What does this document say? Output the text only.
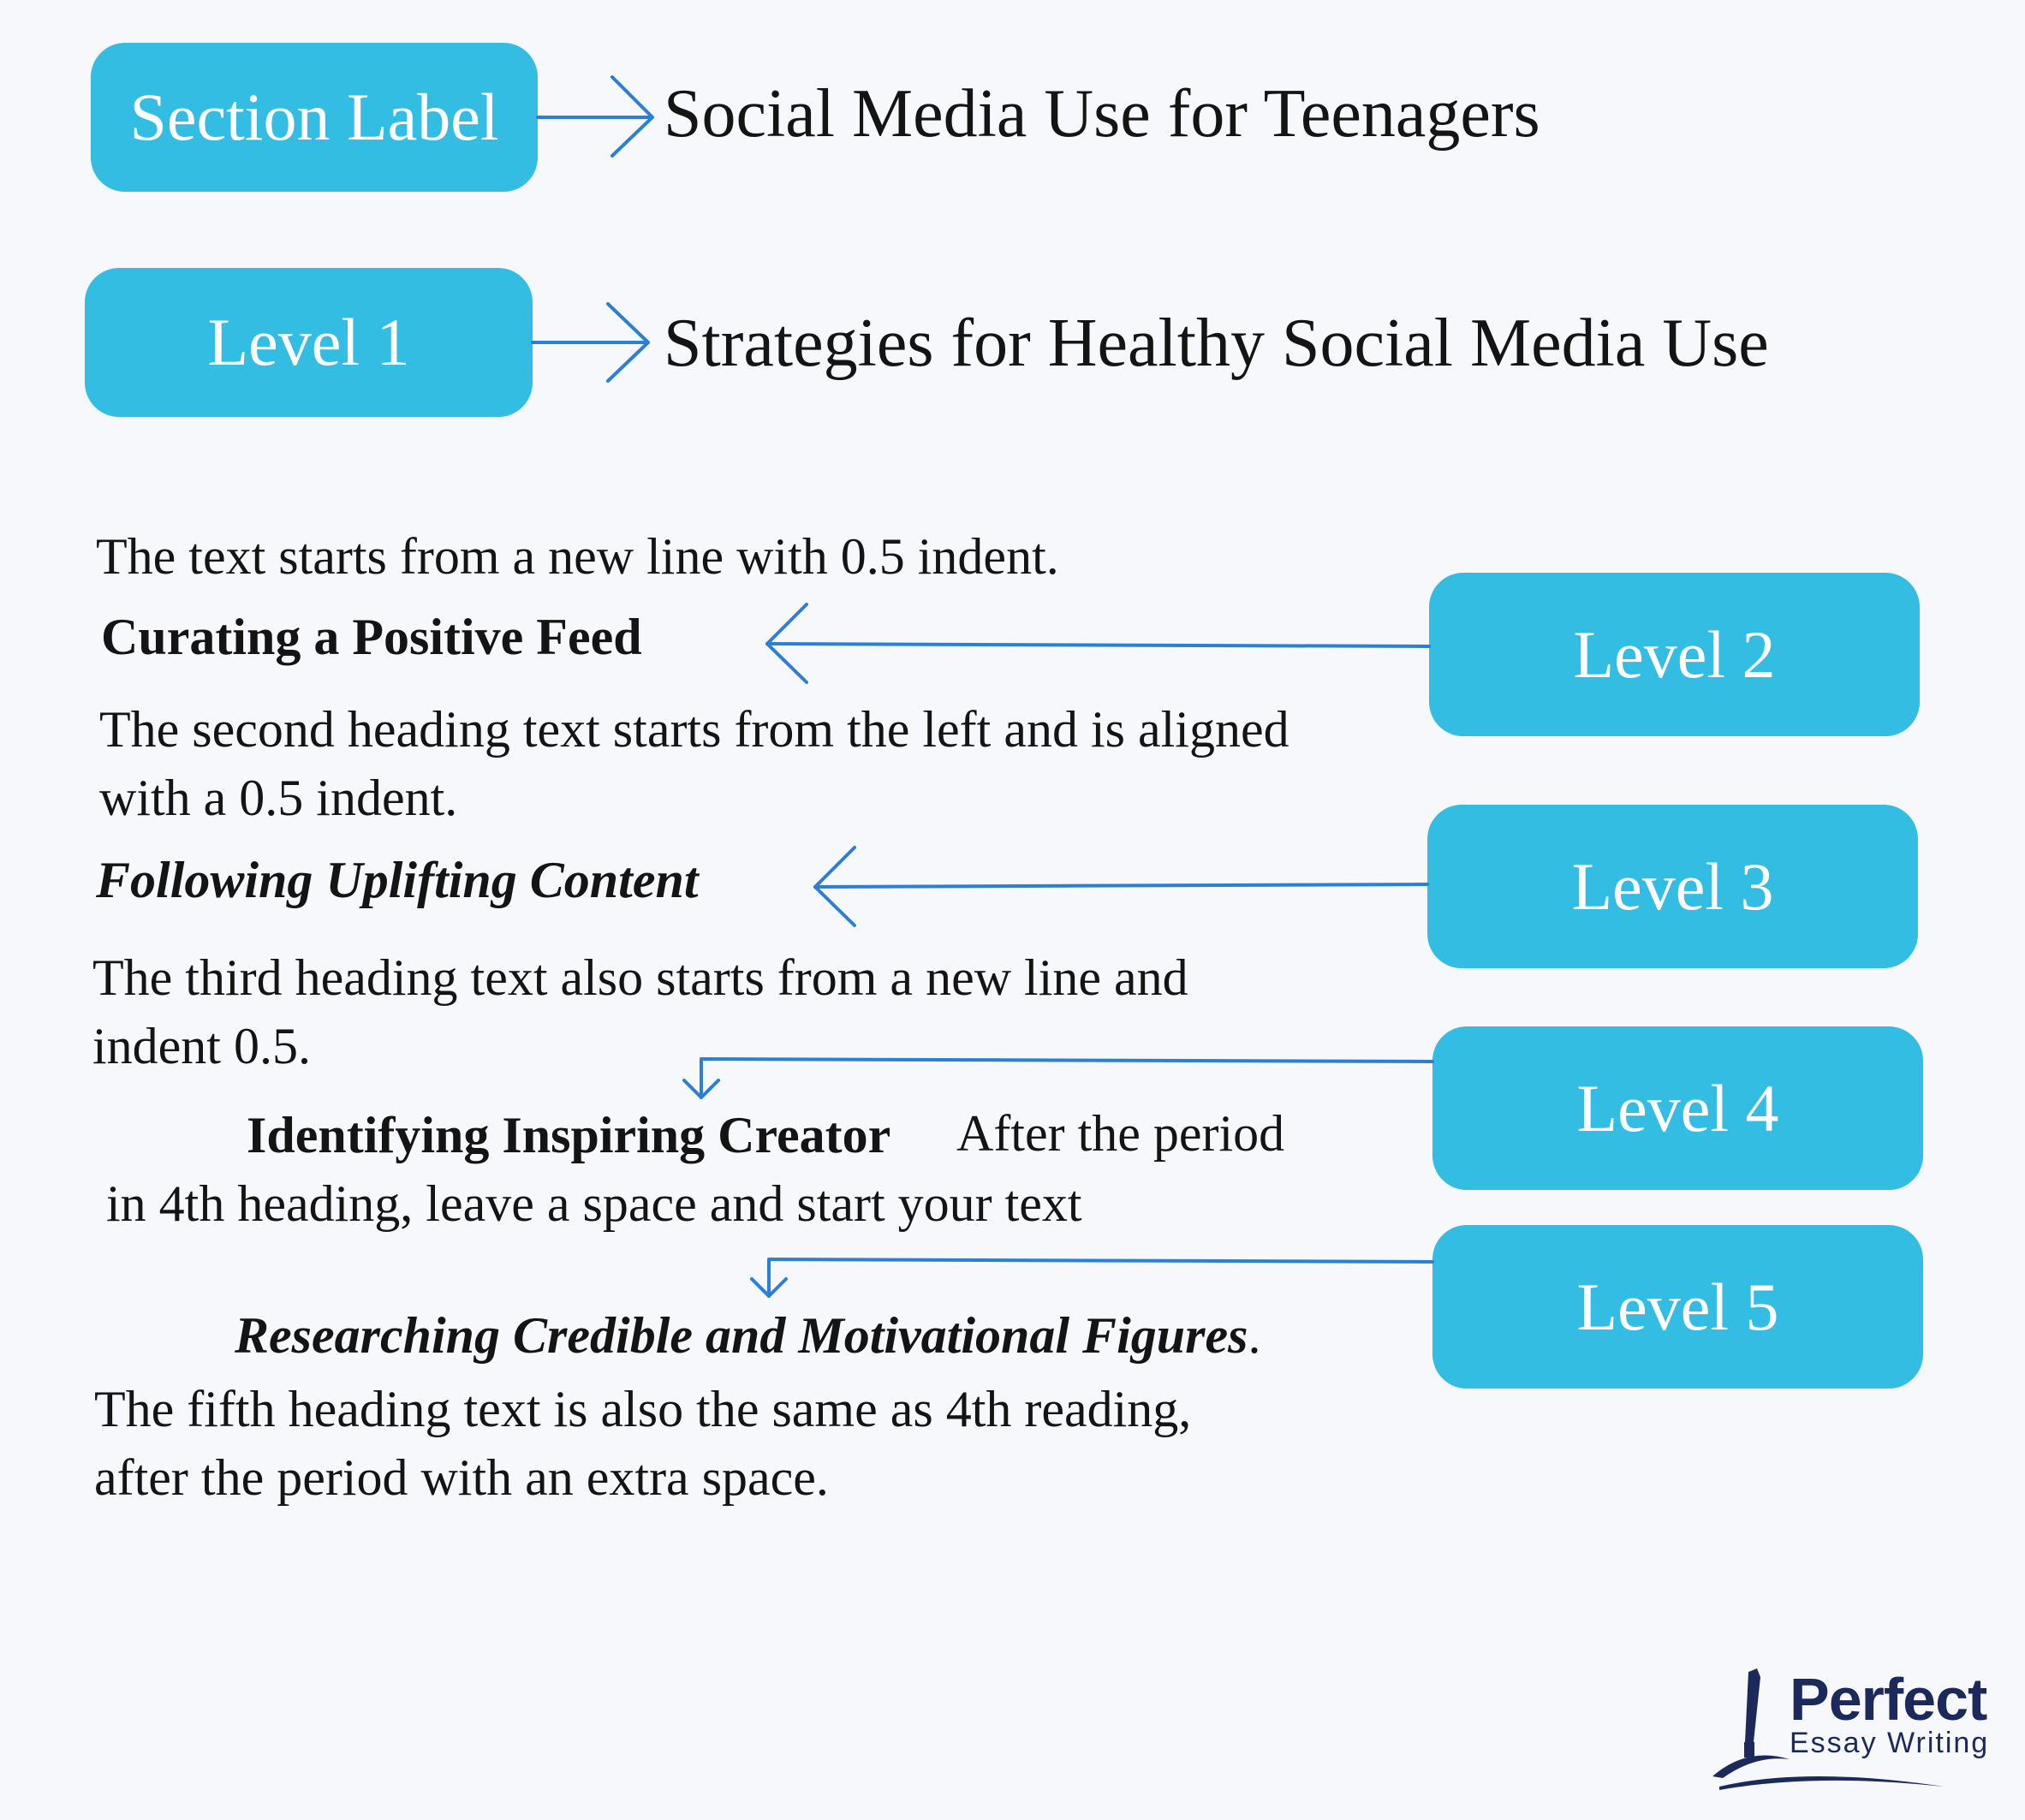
Section Label
Level 1
Level 2
Level 3
Level 4
Level 5
Social Media Use for Teenagers
Strategies for Healthy Social Media Use
The text starts from a new line with 0.5 indent.
Curating a Positive Feed
The second heading text starts from the left and is aligned
with a 0.5 indent.
Following Uplifting Content
The third heading text also starts from a new line and
indent 0.5.
Identifying Inspiring Creator After the period
in 4th heading, leave a space and start your text
Researching Credible and Motivational Figures.
The fifth heading text is also the same as 4th reading,
after the period with an extra space.
Perfect
Essay Writing
